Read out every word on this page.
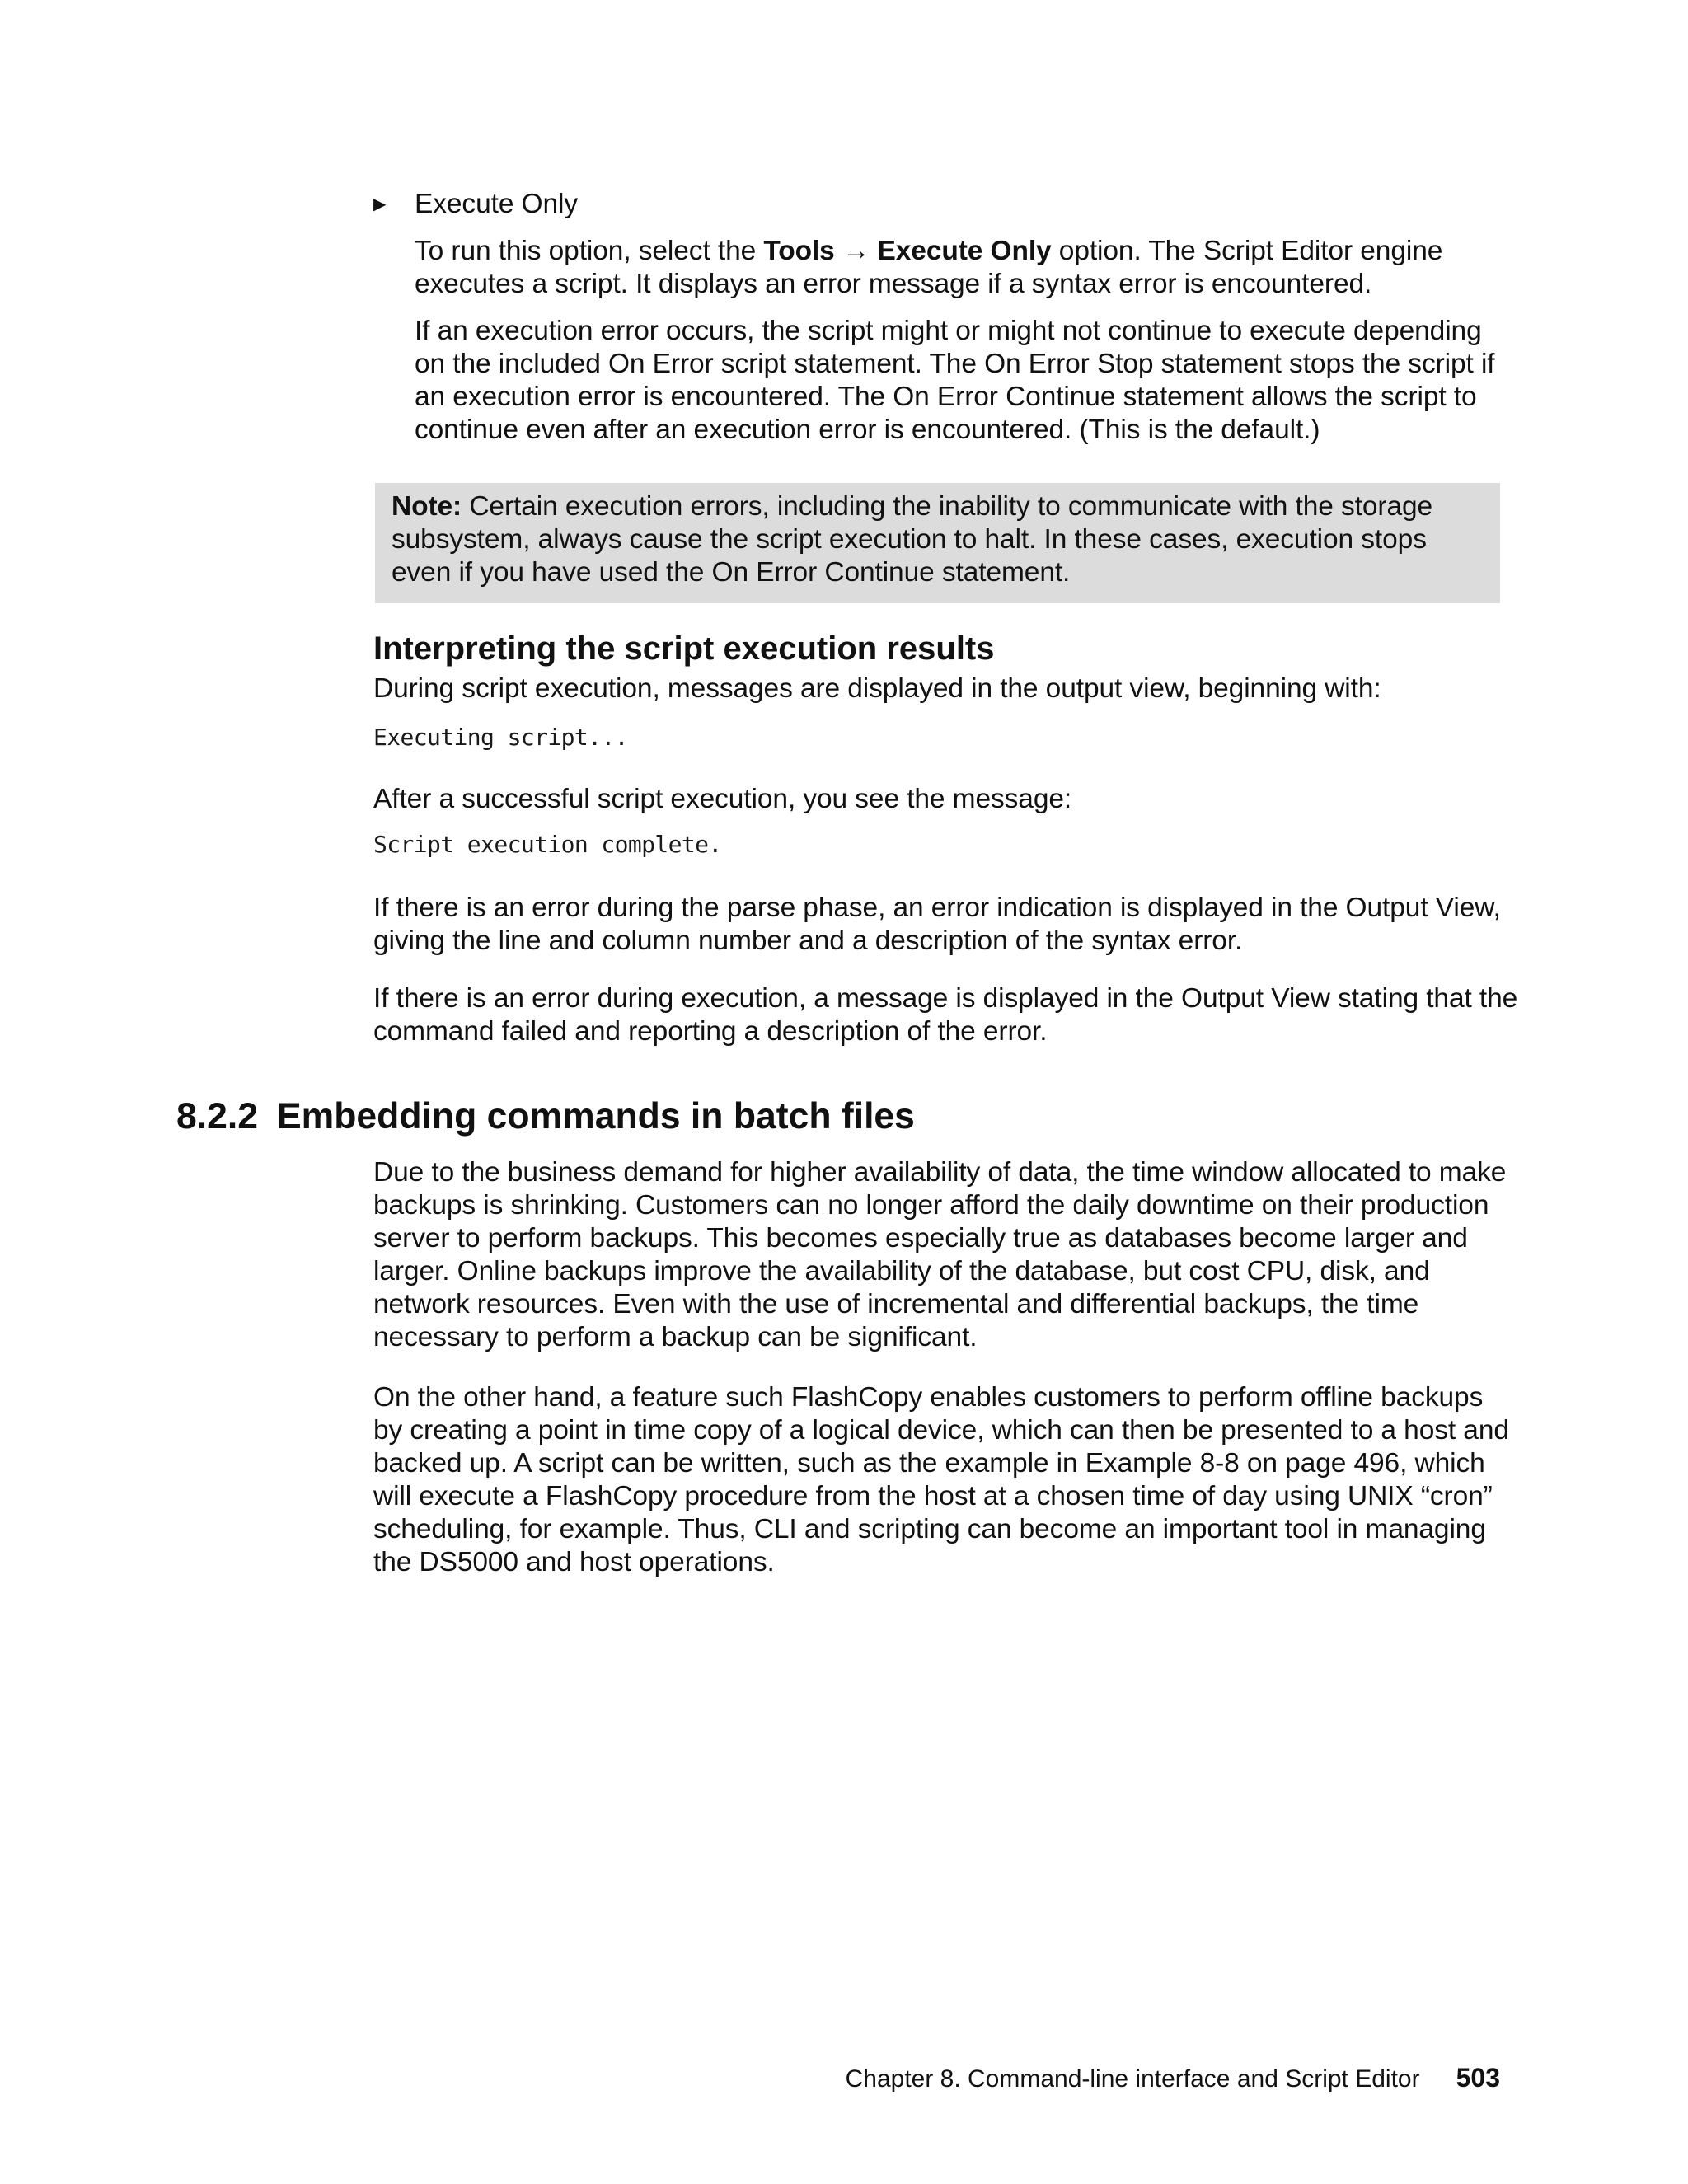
▶ Execute Only

To run this option, select the Tools → Execute Only option. The Script Editor engine executes a script. It displays an error message if a syntax error is encountered.

If an execution error occurs, the script might or might not continue to execute depending on the included On Error script statement. The On Error Stop statement stops the script if an execution error is encountered. The On Error Continue statement allows the script to continue even after an execution error is encountered. (This is the default.)

Note: Certain execution errors, including the inability to communicate with the storage subsystem, always cause the script execution to halt. In these cases, execution stops even if you have used the On Error Continue statement.
Interpreting the script execution results

During script execution, messages are displayed in the output view, beginning with:

Executing script...

After a successful script execution, you see the message:

Script execution complete.

If there is an error during the parse phase, an error indication is displayed in the Output View, giving the line and column number and a description of the syntax error.

If there is an error during execution, a message is displayed in the Output View stating that the command failed and reporting a description of the error.

8.2.2 Embedding commands in batch files

Due to the business demand for higher availability of data, the time window allocated to make backups is shrinking. Customers can no longer afford the daily downtime on their production server to perform backups. This becomes especially true as databases become larger and larger. Online backups improve the availability of the database, but cost CPU, disk, and network resources. Even with the use of incremental and differential backups, the time necessary to perform a backup can be significant.

On the other hand, a feature such FlashCopy enables customers to perform offline backups by creating a point in time copy of a logical device, which can then be presented to a host and backed up. A script can be written, such as the example in Example 8-8 on page 496, which will execute a FlashCopy procedure from the host at a chosen time of day using UNIX “cron” scheduling, for example. Thus, CLI and scripting can become an important tool in managing the DS5000 and host operations.

Chapter 8. Command-line interface and Script Editor 503
